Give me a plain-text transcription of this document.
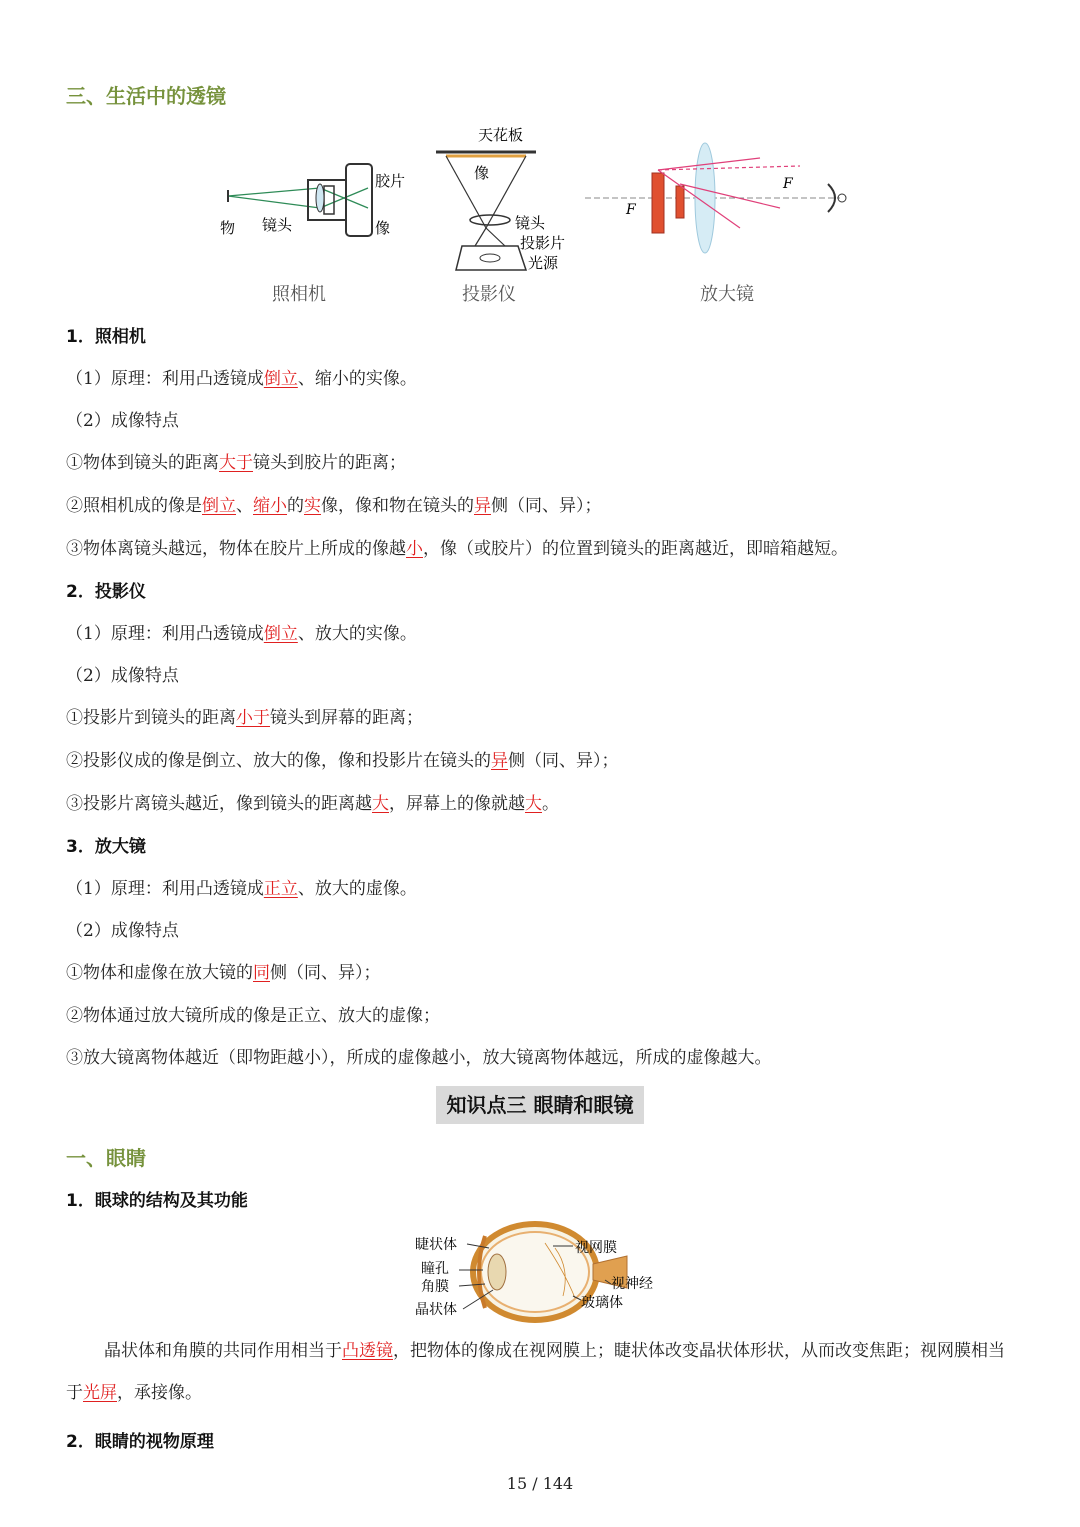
三、生活中的透镜
胶片
物 镜头	像
照相机
天花板
像
镜头
投影片
光源
投影仪
F
F
放大镜
1．照相机
（1）原理：利用凸透镜成倒立、缩小的实像。
（2）成像特点
①物体到镜头的距离大于镜头到胶片的距离；
②照相机成的像是倒立、缩小的实像，像和物在镜头的异侧（同、异）；
③物体离镜头越远，物体在胶片上所成的像越小，像（或胶片）的位置到镜头的距离越近，即暗箱越短。
2．投影仪
（1）原理：利用凸透镜成倒立、放大的实像。
（2）成像特点
①投影片到镜头的距离小于镜头到屏幕的距离；
②投影仪成的像是倒立、放大的像，像和投影片在镜头的异侧（同、异）；
③投影片离镜头越近，像到镜头的距离越大，屏幕上的像就越大。
3．放大镜
（1）原理：利用凸透镜成正立、放大的虚像。
（2）成像特点
①物体和虚像在放大镜的同侧（同、异）；
②物体通过放大镜所成的像是正立、放大的虚像；
③放大镜离物体越近（即物距越小），所成的虚像越小，放大镜离物体越远，所成的虚像越大。
知识点三 眼睛和眼镜
一、眼睛
1．眼球的结构及其功能
睫状体
瞳孔
角膜
晶状体
视网膜
视神经
玻璃体
晶状体和角膜的共同作用相当于凸透镜，把物体的像成在视网膜上；睫状体改变晶状体形状，从而改变焦距；视网膜相当于光屏，承接像。
2．眼睛的视物原理
15 / 144
